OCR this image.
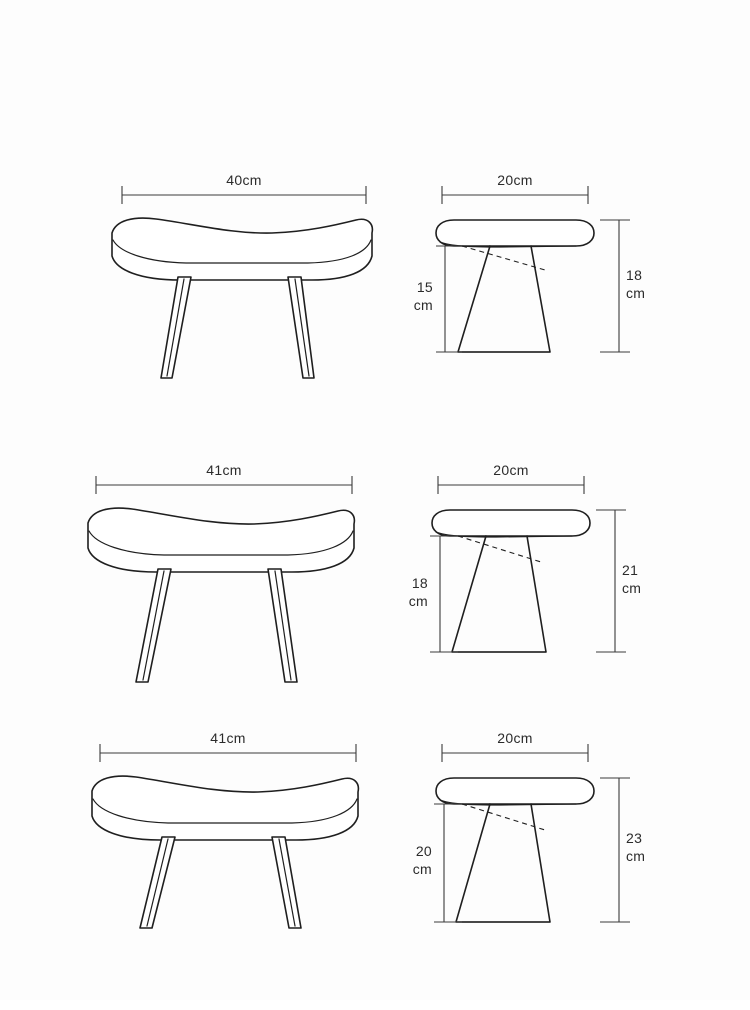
40cm	20cm
15
cm
18
cm
41cm	20cm
18
cm
21
cm
41cm	20cm
20
cm
23
cm
